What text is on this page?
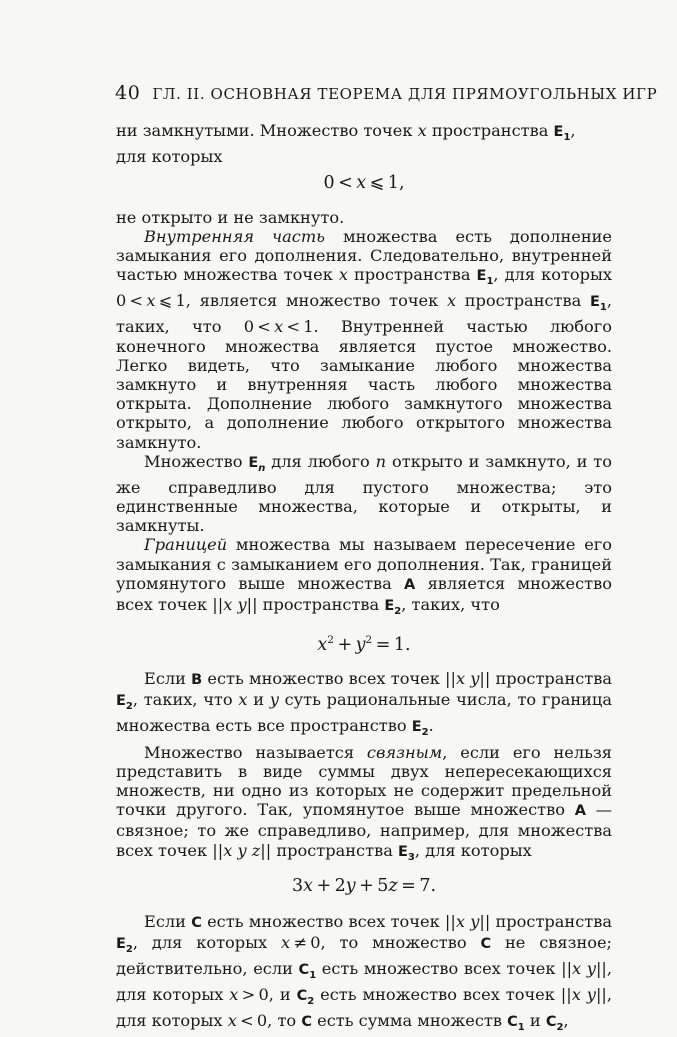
40 ГЛ. II. ОСНОВНАЯ ТЕОРЕМА ДЛЯ ПРЯМОУГОЛЬНЫХ ИГР

ни замкнутыми. Множество точек x пространства $E_1$,
для которых

0 < x ⩽ 1,

не открыто и не замкнуто.

Внутренняя часть множества есть дополнение замыкания его дополнения. Следовательно, внутренней частью множества точек x пространства $E_1$, для которых 0 < x ⩽ 1, является множество точек x пространства $E_1$, таких, что 0 < x < 1. Внутренней частью любого конечного множества является пустое множество. Легко видеть, что замыкание любого множества замкнуто и внутренняя часть любого множества открыта. Дополнение любого замкнутого множества открыто, а дополнение любого открытого множества замкнуто.

Множество $E_n$ для любого n открыто и замкнуто, и то же справедливо для пустого множества; это единственные множества, которые и открыты, и замкнуты.

Границей множества мы называем пересечение его замыкания с замыканием его дополнения. Так, границей упомянутого выше множества A является множество всех точек ||x y|| пространства $E_2$, таких, что

$x^2 + y^2 = 1$.

Если B есть множество всех точек ||x y|| пространства $E_2$, таких, что x и y суть рациональные числа, то граница множества есть все пространство $E_2$.

Множество называется связным, если его нельзя представить в виде суммы двух непересекающихся множеств, ни одно из которых не содержит предельной точки другого. Так, упомянутое выше множество A — связное; то же справедливо, например, для множества всех точек ||x y z|| пространства $E_3$, для которых

3x + 2y + 5z = 7.

Если C есть множество всех точек ||x y|| пространства $E_2$, для которых x ≠ 0, то множество C не связное; действительно, если $C_1$ есть множество всех точек ||x y||, для которых x > 0, и $C_2$ есть множество всех точек ||x y||, для которых x < 0, то C есть сумма множеств $C_1$ и $C_2$,
